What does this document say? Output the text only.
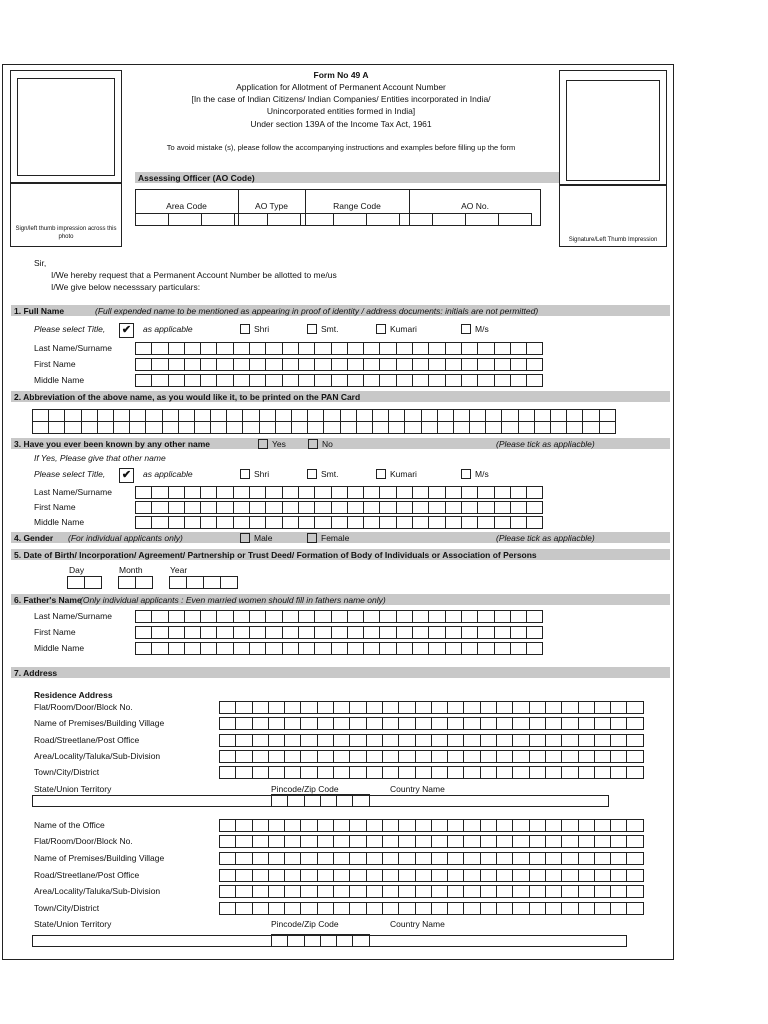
Sign/left thumb impression across this photo	Signature/Left Thumb Impression
Form No 49 A
Application for Allotment of Permanent Account Number
[In the case of Indian Citizens/ Indian Companies/ Entities incorporated in India/
Unincorporated entities formed in India]
Under section 139A of the Income Tax Act, 1961
To avoid mistake (s), please follow the accompanying instructions and examples before filling up the form
Assessing Officer (AO Code)
Area Code	AO Type	Range Code	AO No.
Sir,
I/We hereby request that a Permanent Account Number be allotted to me/us
I/We give below necesssary particulars:
1. Full Name	(Full expended name to be mentioned as appearing in proof of identity / address documents: initials are not permitted)
Please select Title, ✔	as applicable	Shri	Smt.	Kumari	M/s
Last Name/Surname
First Name
Middle Name
2. Abbreviation of the above name, as you would like it, to be printed on the PAN Card
3. Have you ever been known by any other name	(Please tick as appliacble)
Yes	No
If Yes, Please give that other name
Please select Title, ✔	as applicable	Shri	Smt.	Kumari	M/s
Last Name/Surname
First Name
Middle Name
4. Gender (For individual applicants only)	(Please tick as appliacble)
Male	Female
5. Date of Birth/ Incorporation/ Agreement/ Partnership or Trust Deed/ Formation of Body of Individuals or Association of Persons
Day	Month	Year
6. Father's Name
(Only individual applicants : Even married women should fill in fathers name only)
Last Name/Surname
First Name
Middle Name
7. Address
Residence Address
Flat/Room/Door/Block No.
Name of Premises/Building Village
Road/Streetlane/Post Office
Area/Locality/Taluka/Sub-Division
Town/City/District
State/Union Territory	Pincode/Zip Code	Country Name
Name of the Office
Flat/Room/Door/Block No.
Name of Premises/Building Village
Road/Streetlane/Post Office
Area/Locality/Taluka/Sub-Division
Town/City/District
State/Union Territory	Pincode/Zip Code	Country Name
